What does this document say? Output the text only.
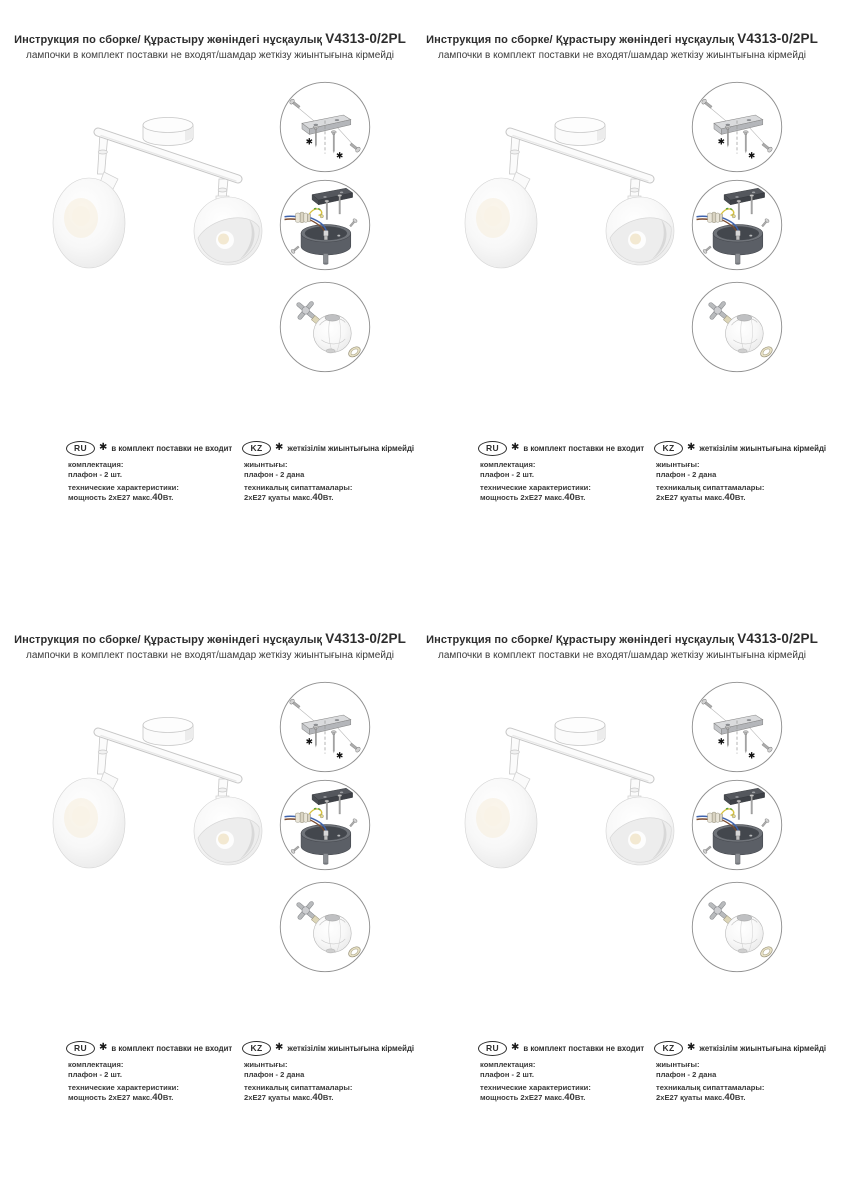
Инструкция по сборке/ Құрастыру жөніндегі нұсқаулық V4313-0/2PL
лампочки в комплект поставки не входят/шамдар жеткізу жиынтығына кірмейді
✱
✱
RU	✱ в комплект поставки не входит
комплектация:
плафон - 2 шт.
технические характеристики:
мощность 2хЕ27 макс.40Вт.
KZ	✱ жеткізілім жиынтығына кірмейді
жиынтығы:
плафон - 2 дана
техникалық сипаттамалары:
2хЕ27 қуаты макс.40Вт.
Инструкция по сборке/ Құрастыру жөніндегі нұсқаулық V4313-0/2PL
лампочки в комплект поставки не входят/шамдар жеткізу жиынтығына кірмейді
✱
✱
RU	✱ в комплект поставки не входит
комплектация:
плафон - 2 шт.
технические характеристики:
мощность 2хЕ27 макс.40Вт.
KZ	✱ жеткізілім жиынтығына кірмейді
жиынтығы:
плафон - 2 дана
техникалық сипаттамалары:
2хЕ27 қуаты макс.40Вт.
Инструкция по сборке/ Құрастыру жөніндегі нұсқаулық V4313-0/2PL
лампочки в комплект поставки не входят/шамдар жеткізу жиынтығына кірмейді
✱
✱
RU	✱ в комплект поставки не входит
комплектация:
плафон - 2 шт.
технические характеристики:
мощность 2хЕ27 макс.40Вт.
KZ	✱ жеткізілім жиынтығына кірмейді
жиынтығы:
плафон - 2 дана
техникалық сипаттамалары:
2хЕ27 қуаты макс.40Вт.
Инструкция по сборке/ Құрастыру жөніндегі нұсқаулық V4313-0/2PL
лампочки в комплект поставки не входят/шамдар жеткізу жиынтығына кірмейді
✱
✱
RU	✱ в комплект поставки не входит
комплектация:
плафон - 2 шт.
технические характеристики:
мощность 2хЕ27 макс.40Вт.
KZ	✱ жеткізілім жиынтығына кірмейді
жиынтығы:
плафон - 2 дана
техникалық сипаттамалары:
2хЕ27 қуаты макс.40Вт.
